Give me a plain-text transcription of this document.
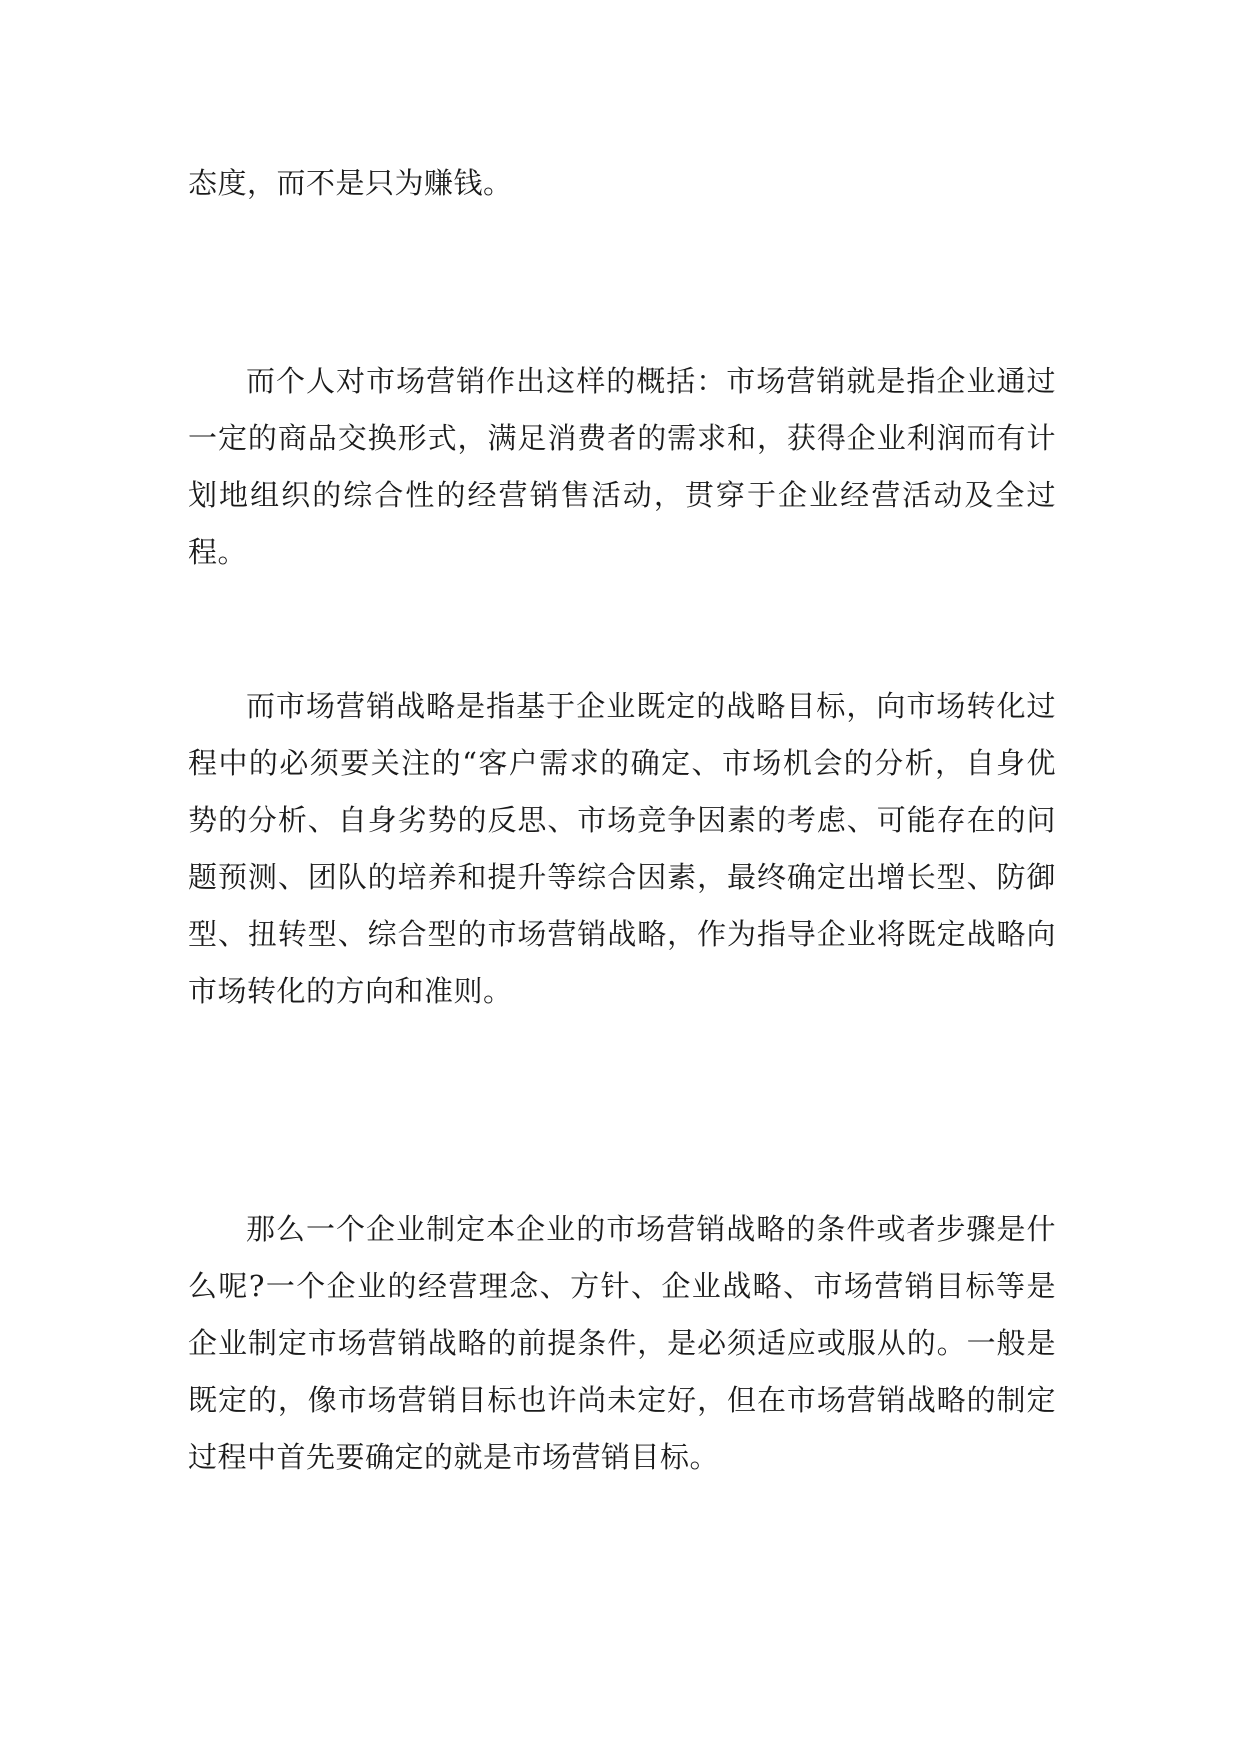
态度，而不是只为赚钱。

而个人对市场营销作出这样的概括：市场营销就是指企业通过一定的商品交换形式，满足消费者的需求和，获得企业利润而有计划地组织的综合性的经营销售活动，贯穿于企业经营活动及全过程。

而市场营销战略是指基于企业既定的战略目标，向市场转化过程中的必须要关注的“客户需求的确定、市场机会的分析，自身优势的分析、自身劣势的反思、市场竞争因素的考虑、可能存在的问题预测、团队的培养和提升等综合因素，最终确定出增长型、防御型、扭转型、综合型的市场营销战略，作为指导企业将既定战略向市场转化的方向和准则。

那么一个企业制定本企业的市场营销战略的条件或者步骤是什么呢?一个企业的经营理念、方针、企业战略、市场营销目标等是企业制定市场营销战略的前提条件，是必须适应或服从的。一般是既定的，像市场营销目标也许尚未定好，但在市场营销战略的制定过程中首先要确定的就是市场营销目标。
